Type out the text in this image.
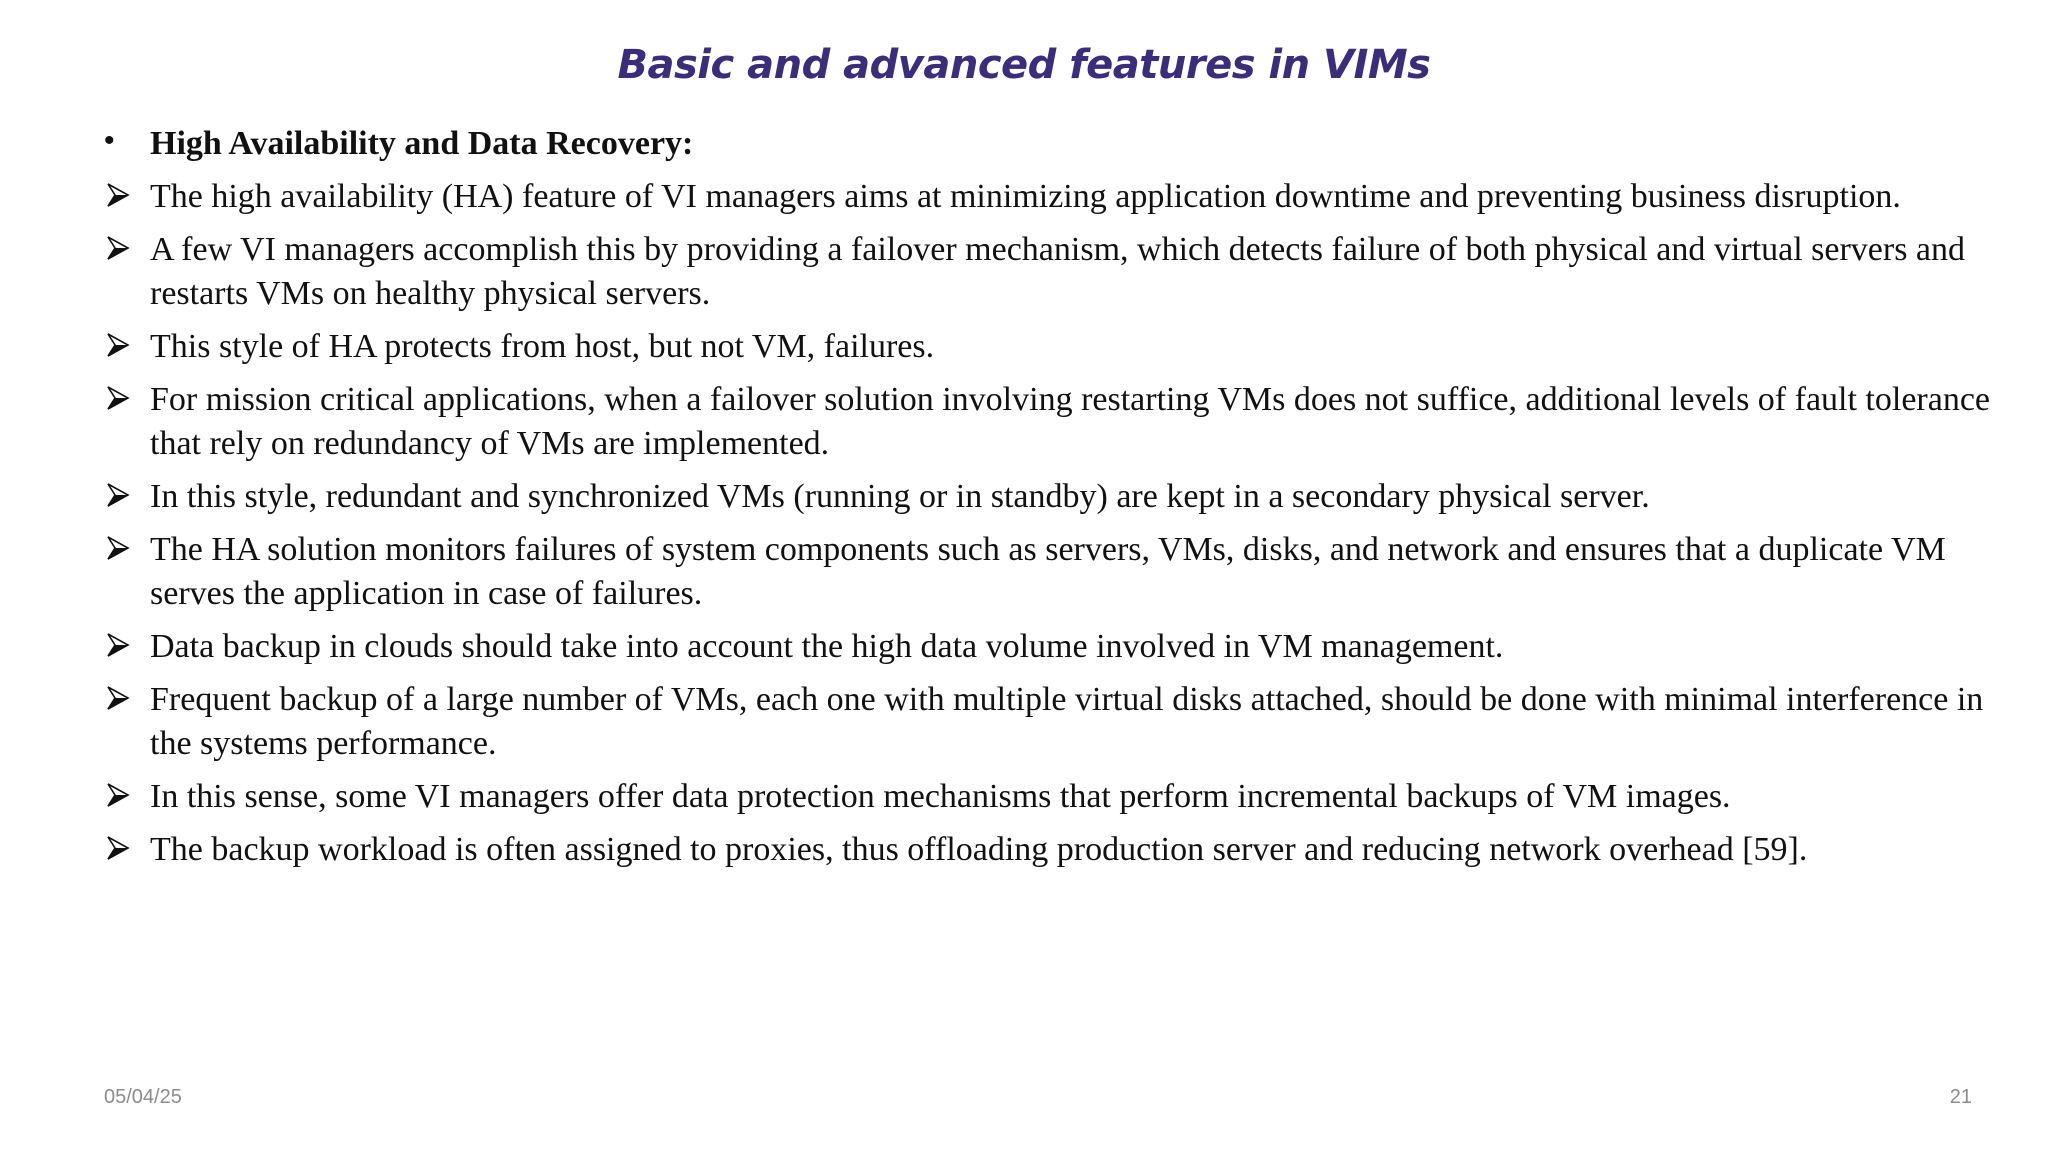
Basic and advanced features in VIMs
•	High Availability and Data Recovery:
The high availability (HA) feature of VI managers aims at minimizing application downtime and preventing business disruption.
A few VI managers accomplish this by providing a failover mechanism, which detects failure of both physical and virtual servers and restarts VMs on healthy physical servers.
This style of HA protects from host, but not VM, failures.
For mission critical applications, when a failover solution involving restarting VMs does not suffice, additional levels of fault tolerance that rely on redundancy of VMs are implemented.
In this style, redundant and synchronized VMs (running or in standby) are kept in a secondary physical server.
The HA solution monitors failures of system components such as servers, VMs, disks, and network and ensures that a duplicate VM serves the application in case of failures.
Data backup in clouds should take into account the high data volume involved in VM management.
Frequent backup of a large number of VMs, each one with multiple virtual disks attached, should be done with minimal interference in the systems performance.
In this sense, some VI managers offer data protection mechanisms that perform incremental backups of VM images.
The backup workload is often assigned to proxies, thus offloading production server and reducing network overhead [59].
05/04/25	21
